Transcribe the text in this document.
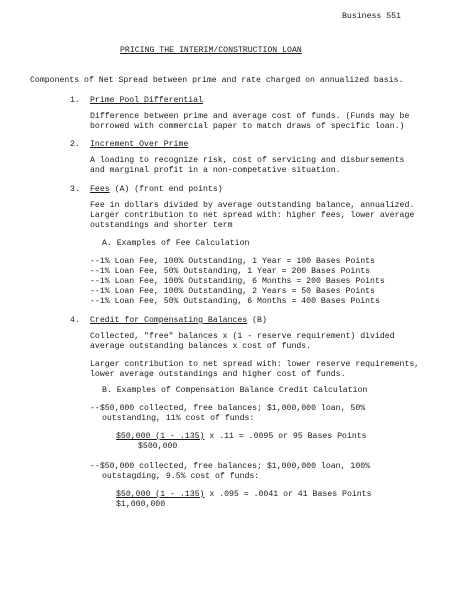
Business 551
PRICING THE INTERIM/CONSTRUCTION LOAN
Components of Net Spread between prime and rate charged on annualized basis.
1. Prime Pool Differential
Difference between prime and average cost of funds. (Funds may be
borrowed with commercial paper to match draws of specific loan.)
2. Increment Over Prime
A loading to recognize risk, cost of servicing and disbursements
and marginal profit in a non-competative situation.
3. Fees (A) (front end points)
Fee in dollars divided by average outstanding balance, annualized.
Larger contribution to net spread with: higher fees, lower average
outstandings and shorter term
A. Examples of Fee Calculation
--1% Loan Fee, 100% Outstanding, 1 Year = 100 Bases Points
--1% Loan Fee, 50% Outstanding, 1 Year = 200 Bases Points
--1% Loan Fee, 100% Outstanding, 6 Months = 200 Bases Points
--1% Loan Fee, 100% Outstanding, 2 Years = 50 Bases Points
--1% Loan Fee, 50% Outstanding, 6 Months = 400 Bases Points
4. Credit for Compensating Balances (B)
Collected, "free" balances x (1 - reserve requirement) divided
average outstanding balances x cost of funds.
Larger contribution to net spread with: lower reserve requirements,
lower average outstandings and higher cost of funds.
B. Examples of Compensation Balance Credit Calculation
--$50,000 collected, free balances; $1,000,000 loan, 50%
outstanding, 11% cost of funds:
$50,000 (1 - .135) x .11 = .0095 or 95 Bases Points
$500,000
--$50,000 collected, free balances; $1,000,000 loan, 100%
outstagding, 9.5% cost of funds:
$50,000 (1 - .135) x .095 = .0041 or 41 Bases Points
$1,000,000
